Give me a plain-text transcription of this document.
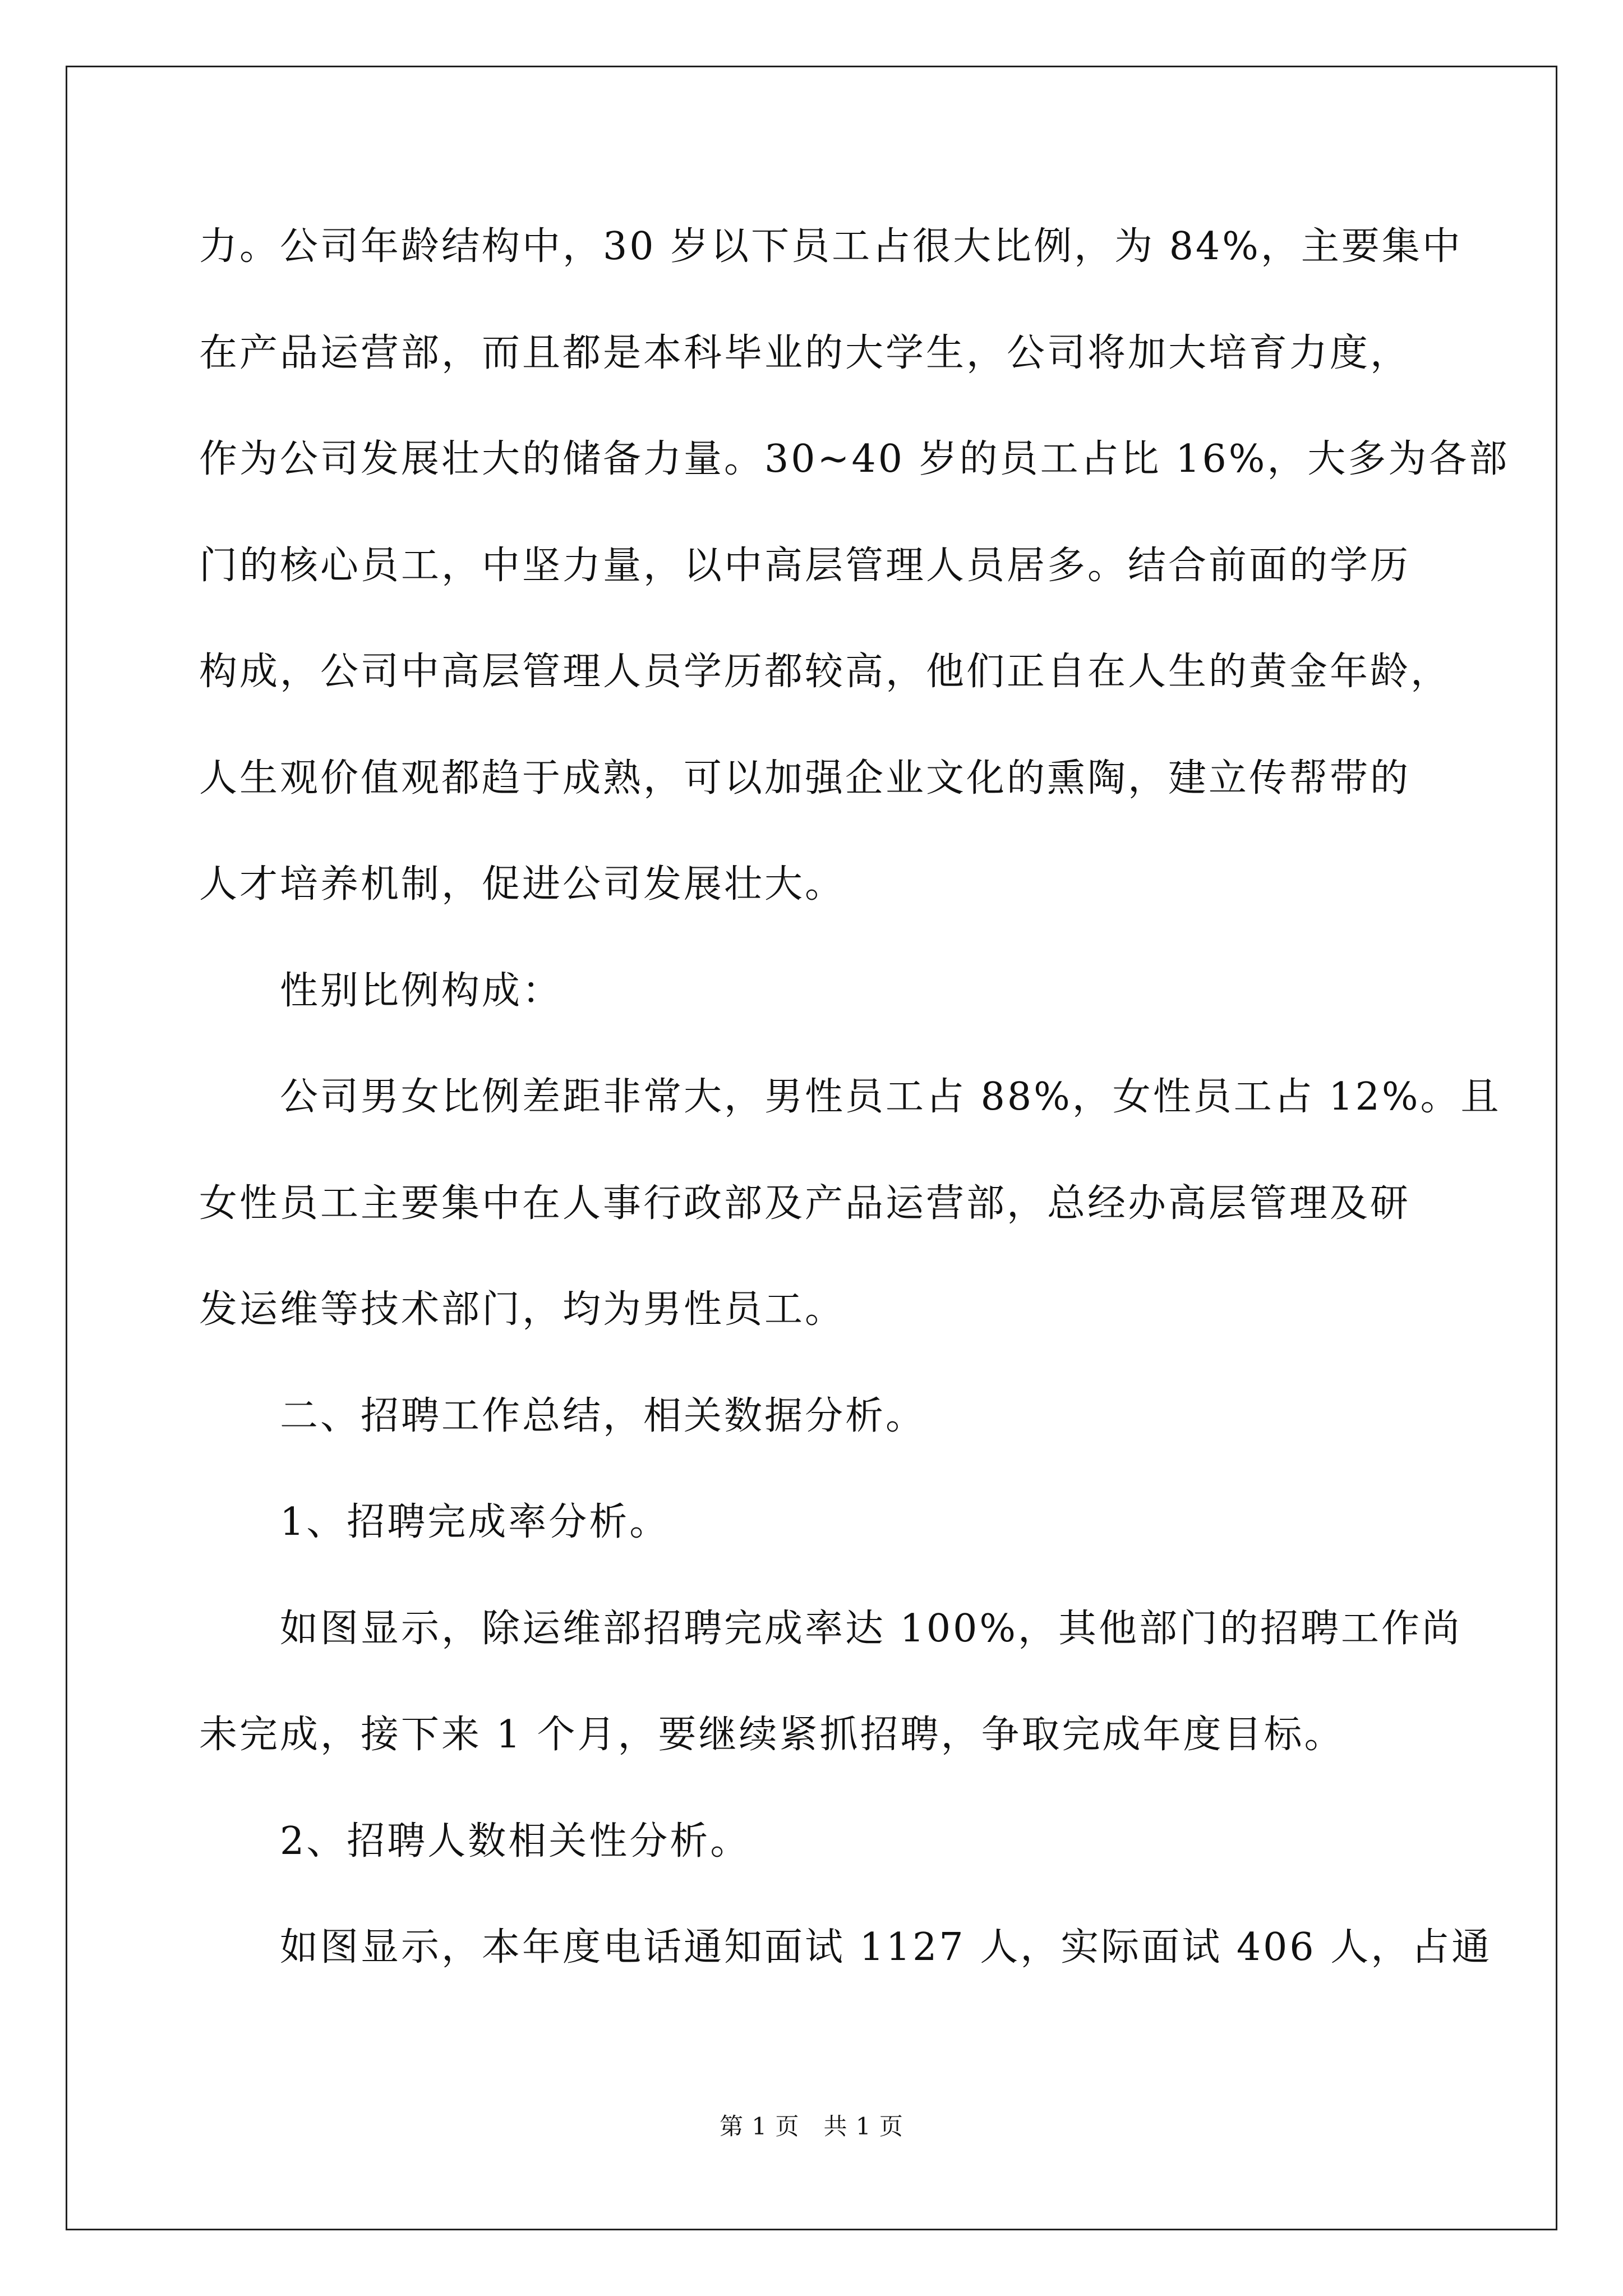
力。公司年龄结构中，30 岁以下员工占很大比例，为 84%，主要集中
在产品运营部，而且都是本科毕业的大学生，公司将加大培育力度，
作为公司发展壮大的储备力量。30~40 岁的员工占比 16%，大多为各部
门的核心员工，中坚力量，以中高层管理人员居多。结合前面的学历
构成，公司中高层管理人员学历都较高，他们正自在人生的黄金年龄，
人生观价值观都趋于成熟，可以加强企业文化的熏陶，建立传帮带的
人才培养机制，促进公司发展壮大。
性别比例构成：
公司男女比例差距非常大，男性员工占 88%，女性员工占 12%。且
女性员工主要集中在人事行政部及产品运营部，总经办高层管理及研
发运维等技术部门，均为男性员工。
二、招聘工作总结，相关数据分析。
1、招聘完成率分析。
如图显示，除运维部招聘完成率达 100%，其他部门的招聘工作尚
未完成，接下来 1 个月，要继续紧抓招聘，争取完成年度目标。
2、招聘人数相关性分析。
如图显示，本年度电话通知面试 1127 人，实际面试 406 人，占通
第 1 页　共 1 页
